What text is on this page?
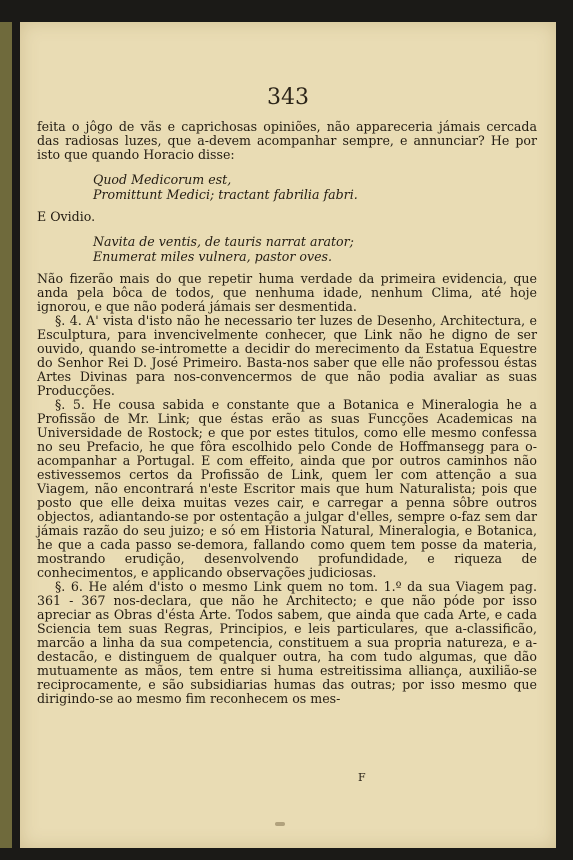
343

feita o jôgo de vãs e caprichosas opiniões, não appareceria jámais cercada das radiosas luzes, que a-devem acompanhar sempre, e annunciar? He por isto que quando Horacio disse:

Quod Medicorum est,
Promittunt Medici; tractant fabrilia fabri.

E Ovidio.

Navita de ventis, de tauris narrat arator;
Enumerat miles vulnera, pastor oves.

Não fizerão mais do que repetir huma verdade da primeira evidencia, que anda pela bôca de todos, que nenhuma idade, nenhum Clima, até hoje ignorou, e que não poderá jámais ser desmentida.

§. 4. A' vista d'isto não he necessario ter luzes de Desenho, Architectura, e Esculptura, para invencivelmente conhecer, que Link não he digno de ser ouvido, quando se-intromette a decidir do merecimento da Estatua Equestre do Senhor Rei D. José Primeiro. Basta-nos saber que elle não professou éstas Artes Divinas para nos-convencermos de que não podia avaliar as suas Producções.

§. 5. He cousa sabida e constante que a Botanica e Mineralogia he a Profissão de Mr. Link; que éstas erão as suas Funcções Academicas na Universidade de Rostock; e que por estes titulos, como elle mesmo confessa no seu Prefacio, he que fôra escolhido pelo Conde de Hoffmansegg para o-acompanhar a Portugal. E com effeito, ainda que por outros caminhos não estivessemos certos da Profissão de Link, quem ler com attenção a sua Viagem, não encontrará n'este Escritor mais que hum Naturalista; pois que posto que elle deixa muitas vezes cair, e carregar a penna sôbre outros objectos, adiantando-se por ostentação a julgar d'elles, sempre o-faz sem dar jámais razão do seu juizo; e só em Historia Natural, Mineralogia, e Botanica, he que a cada passo se-demora, fallando como quem tem posse da materia, mostrando erudição, desenvolvendo profundidade, e riqueza de conhecimentos, e applicando observações judiciosas.

§. 6. He além d'isto o mesmo Link quem no tom. 1.º da sua Viagem pag. 361 - 367 nos-declara, que não he Architecto; e que não póde por isso apreciar as Obras d'ésta Arte. Todos sabem, que ainda que cada Arte, e cada Sciencia tem suas Regras, Principios, e leis particulares, que a-classificão, marcão a linha da sua competencia, constituem a sua propria natureza, e a-destacão, e distinguem de qualquer outra, ha com tudo algumas, que dão mutuamente as mãos, tem entre si huma estreitissima alliança, auxilião-se reciprocamente, e são subsidiarias humas das outras; por isso mesmo que dirigindo-se ao mesmo fim reconhecem os mes-

F
